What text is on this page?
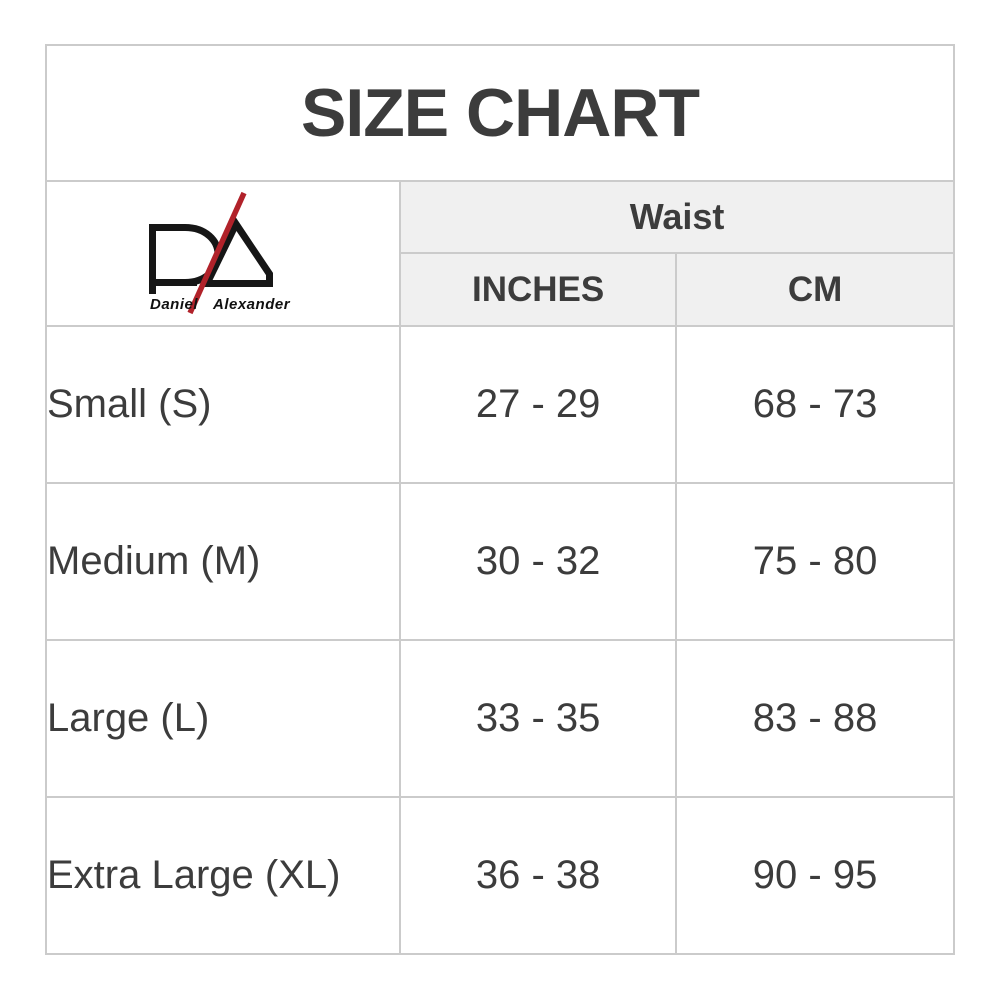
SIZE CHART		

Daniel Alexander	Waist	
	INCHES	CM
Small (S)	27 - 29	68 - 73
Medium (M)	30 - 32	75 - 80
Large (L)	33 - 35	83 - 88
Extra Large (XL)	36 - 38	90 - 95
